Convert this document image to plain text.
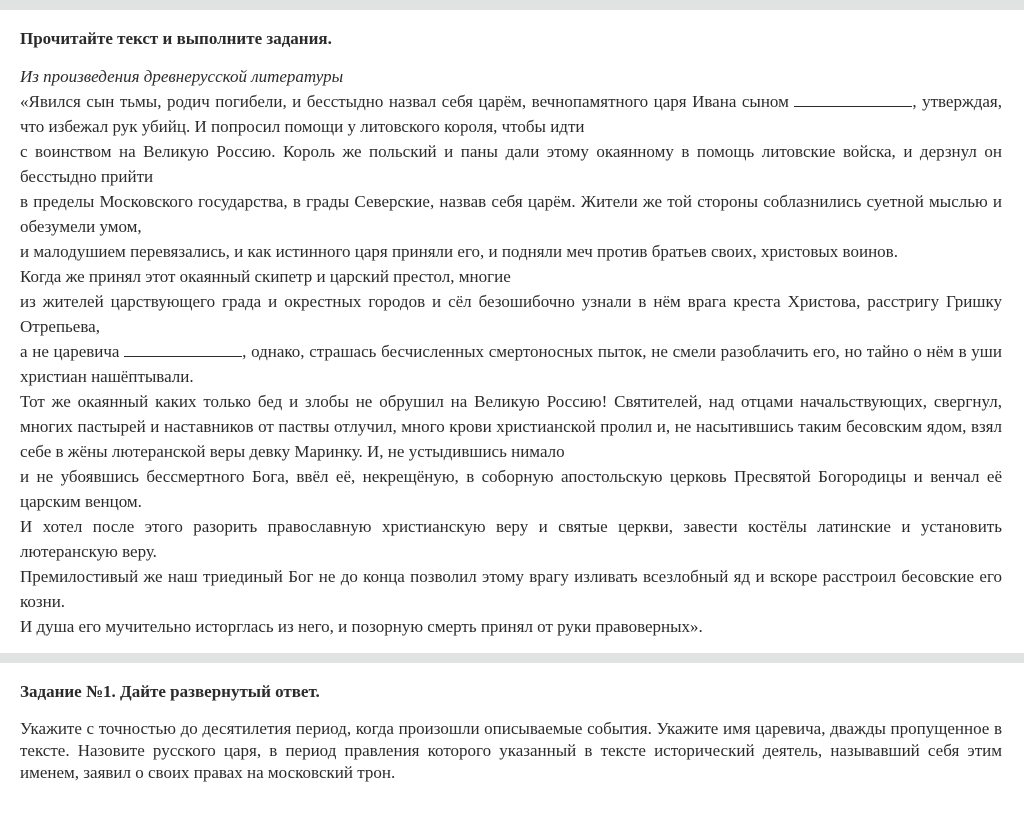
Прочитайте текст и выполните задания.

Из произведения древнерусской литературы

«Явился сын тьмы, родич погибели, и бесстыдно назвал себя царём, вечнопамятного царя Ивана сыном	, утверждая, что избежал рук убийц. И попросил помощи у литовского короля, чтобы идти

с воинством на Великую Россию. Король же польский и паны дали этому окаянному в помощь литовские войска, и дерзнул он бесстыдно прийти

в пределы Московского государства, в грады Северские, назвав себя царём. Жители же той стороны соблазнились суетной мыслью и обезумели умом,

и малодушием перевязались, и как истинного царя приняли его, и подняли меч против братьев своих, христовых воинов.

Когда же принял этот окаянный скипетр и царский престол, многие

из жителей царствующего града и окрестных городов и сёл безошибочно узнали в нём врага креста Христова, расстригу Гришку Отрепьева,

а не царевича	, однако, страшась бесчисленных смертоносных пыток, не смели разоблачить его, но тайно о нём в уши христиан нашёптывали.

Тот же окаянный каких только бед и злобы не обрушил на Великую Россию! Святителей, над отцами начальствующих, свергнул, многих пастырей и наставников от паствы отлучил, много крови христианской пролил и, не насытившись таким бесовским ядом, взял себе в жёны лютеранской веры девку Маринку. И, не устыдившись нимало

и не убоявшись бессмертного Бога, ввёл её, некрещёную, в соборную апостольскую церковь Пресвятой Богородицы и венчал её царским венцом.

И хотел после этого разорить православную христианскую веру и святые церкви, завести костёлы латинские и установить лютеранскую веру.

Премилостивый же наш триединый Бог не до конца позволил этому врагу изливать всезлобный яд и вскоре расстроил бесовские его козни.

И душа его мучительно исторглась из него, и позорную смерть принял от руки правоверных».

Задание №1. Дайте развернутый ответ.

Укажите с точностью до десятилетия период, когда произошли описываемые события. Укажите имя царевича, дважды пропущенное в тексте. Назовите русского царя, в период правления которого указанный в тексте исторический деятель, называвший себя этим именем, заявил о своих правах на московский трон.
